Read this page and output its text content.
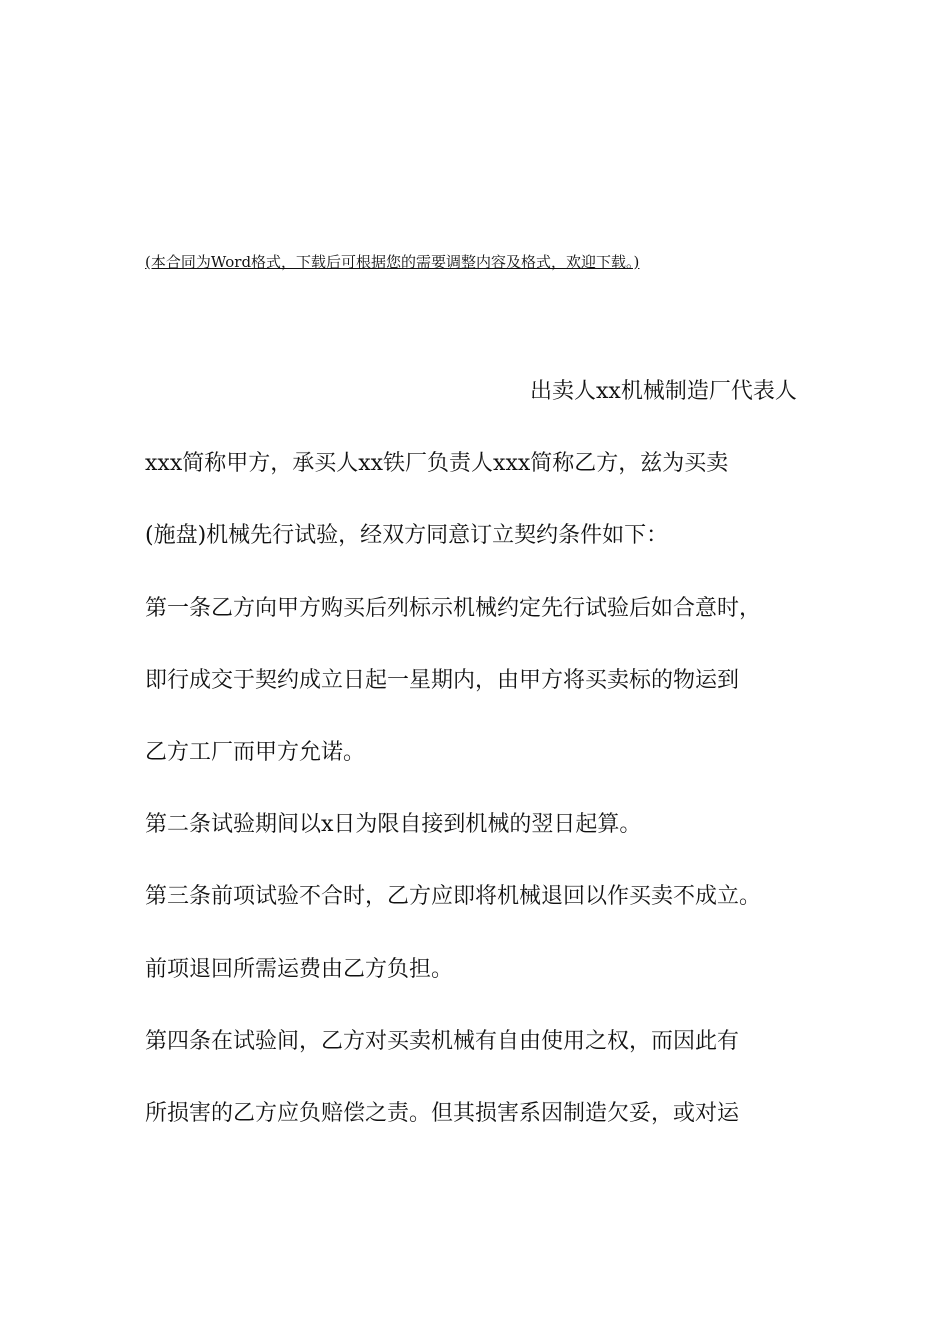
(本合同为Word格式，下载后可根据您的需要调整内容及格式，欢迎下载。)
出卖人xx机械制造厂代表人
xxx简称甲方，承买人xx铁厂负责人xxx简称乙方，兹为买卖
(施盘)机械先行试验，经双方同意订立契约条件如下：
第一条乙方向甲方购买后列标示机械约定先行试验后如合意时，
即行成交于契约成立日起一星期内，由甲方将买卖标的物运到
乙方工厂而甲方允诺。
第二条试验期间以x日为限自接到机械的翌日起算。
第三条前项试验不合时，乙方应即将机械退回以作买卖不成立。
前项退回所需运费由乙方负担。
第四条在试验间，乙方对买卖机械有自由使用之权，而因此有
所损害的乙方应负赔偿之责。但其损害系因制造欠妥，或对运
